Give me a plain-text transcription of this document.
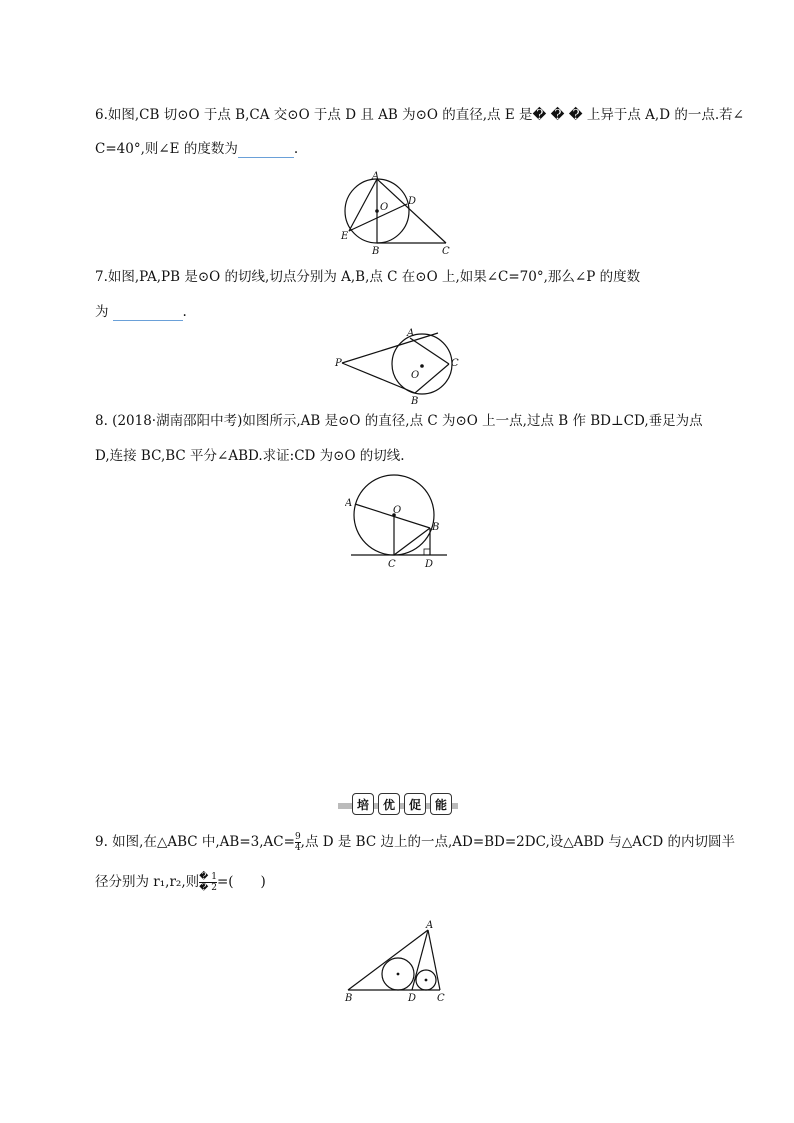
6.如图,CB 切⊙O 于点 B,CA 交⊙O 于点 D 且 AB 为⊙O 的直径,点 E 是� � � 上异于点 A,D 的一点.若∠
C=40°,则∠E 的度数为	.
A
D
O
E
B	C
7.如图,PA,PB 是⊙O 的切线,切点分别为 A,B,点 C 在⊙O 上,如果∠C=70°,那么∠P 的度数
为	.
P
A
C
O
B
8. (2018·湖南邵阳中考)如图所示,AB 是⊙O 的直径,点 C 为⊙O 上一点,过点 B 作 BD⊥CD,垂足为点
D,连接 BC,BC 平分∠ABD.求证:CD 为⊙O 的切线.
A
O
B
C	D
培	优	促	能
9. 如图,在△ABC 中$,AB=3,AC= \frac{9}{4}$ ,点 D 是 BC 边上的一点,AD=BD=2DC,设△ABD 与△ACD 的内切圆半
径分别为 r₁,r₂,则 $\frac{� 1}{� 2}$ =(　　)
A
B	D C
